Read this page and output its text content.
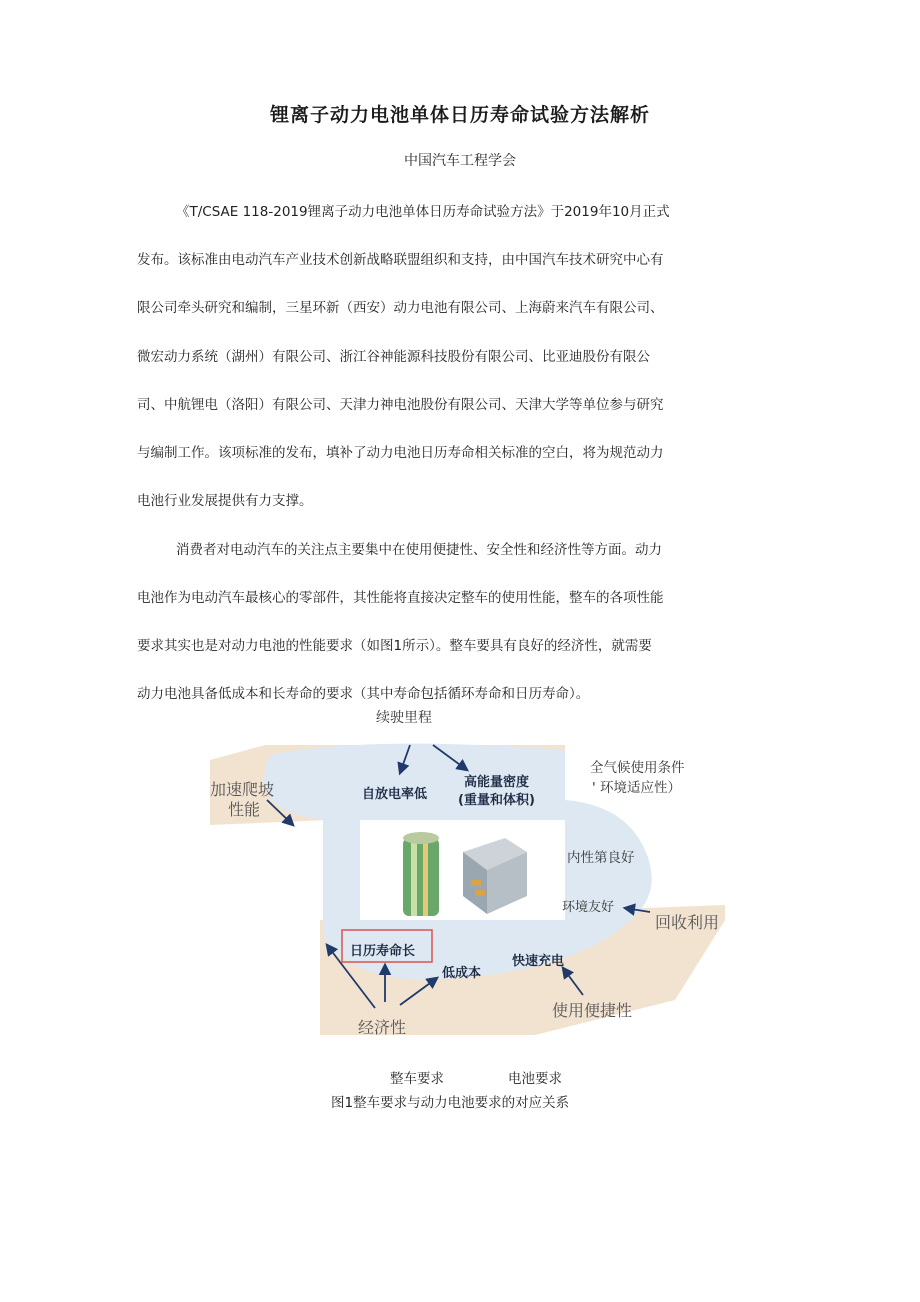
锂离子动力电池单体日历寿命试验方法解析
中国汽车工程学会
《T/CSAE 118-2019锂离子动力电池单体日历寿命试验方法》于2019年10月正式
发布。该标准由电动汽车产业技术创新战略联盟组织和支持，由中国汽车技术研究中心有
限公司牵头研究和编制，三星环新（西安）动力电池有限公司、上海蔚来汽车有限公司、
微宏动力系统（湖州）有限公司、浙江谷神能源科技股份有限公司、比亚迪股份有限公
司、中航锂电（洛阳）有限公司、天津力神电池股份有限公司、天津大学等单位参与研究
与编制工作。该项标准的发布，填补了动力电池日历寿命相关标准的空白，将为规范动力
电池行业发展提供有力支撑。
消费者对电动汽车的关注点主要集中在使用便捷性、安全性和经济性等方面。动力
电池作为电动汽车最核心的零部件，其性能将直接决定整车的使用性能，整车的各项性能
要求其实也是对动力电池的性能要求（如图1所示）。整车要具有良好的经济性，就需要
动力电池具备低成本和长寿命的要求（其中寿命包括循环寿命和日历寿命）。
续驶里程
加速爬坡
性能
全气候使用条件
' 环境适应性）
内性第良好
环境友好
回收利用
经济性
使用便捷性
自放电率低
高能量密度
(重量和体积)
日历寿命长
低成本
快速充电
整车要求	电池要求
图1整车要求与动力电池要求的对应关系
